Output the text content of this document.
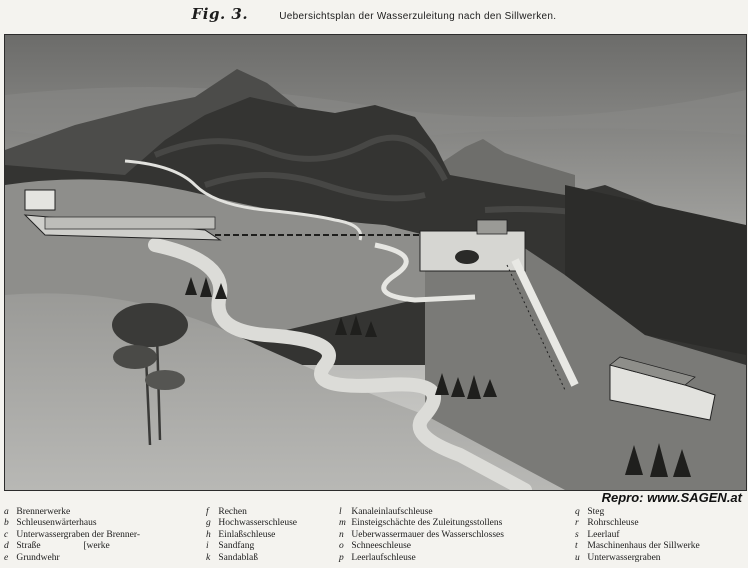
Fig. 3.	Uebersichtsplan der Wasserzuleitung nach den Sillwerken.
Repro: www.SAGEN.at
a Brennerwerke
b Schleusenwärterhaus
c Unterwassergraben der Brenner-
d Straße                  [werke
e Grundwehr
f Rechen
g Hochwasserschleuse
h Einlaßschleuse
i Sandfang
k Sandablaß
l Kanaleinlaufschleuse
m Einsteigschächte des Zuleitungsstollens
n Ueberwassermauer des Wasserschlosses
o Schneeschleuse
p Leerlaufschleuse
q Steg
r Rohrschleuse
s Leerlauf
t Maschinenhaus der Sillwerke
u Unterwassergraben
